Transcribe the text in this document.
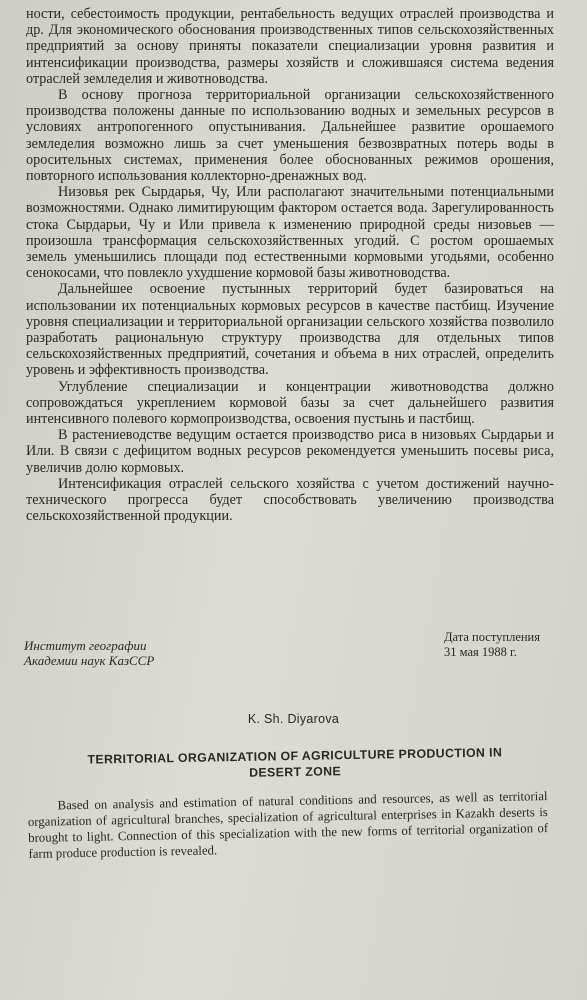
ности, себестоимость продукции, рентабельность ведущих отраслей производства и др. Для экономического обоснования производственных типов сельскохозяйственных предприятий за основу приняты показатели специализации уровня развития и интенсификации производства, размеры хозяйств и сложившаяся система ведения отраслей земледелия и животноводства.

В основу прогноза территориальной организации сельскохозяйственного производства положены данные по использованию водных и земельных ресурсов в условиях антропогенного опустынивания. Дальнейшее развитие орошаемого земледелия возможно лишь за счет уменьшения безвозвратных потерь воды в оросительных системах, применения более обоснованных режимов орошения, повторного использования коллекторно-дренажных вод.

Низовья рек Сырдарья, Чу, Или располагают значительными потенциальными возможностями. Однако лимитирующим фактором остается вода. Зарегулированность стока Сырдарьи, Чу и Или привела к изменению природной среды низовьев — произошла трансформация сельскохозяйственных угодий. С ростом орошаемых земель уменьшились площади под естественными кормовыми угодьями, особенно сенокосами, что повлекло ухудшение кормовой базы животноводства.

Дальнейшее освоение пустынных территорий будет базироваться на использовании их потенциальных кормовых ресурсов в качестве пастбищ. Изучение уровня специализации и территориальной организации сельского хозяйства позволило разработать рациональную структуру производства для отдельных типов сельскохозяйственных предприятий, сочетания и объема в них отраслей, определить уровень и эффективность производства.

Углубление специализации и концентрации животноводства должно сопровождаться укреплением кормовой базы за счет дальнейшего развития интенсивного полевого кормопроизводства, освоения пустынь и пастбищ.

В растениеводстве ведущим остается производство риса в низовьях Сырдарьи и Или. В связи с дефицитом водных ресурсов рекомендуется уменьшить посевы риса, увеличив долю кормовых.

Интенсификация отраслей сельского хозяйства с учетом достижений научно-технического прогресса будет способствовать увеличению производства сельскохозяйственной продукции.

Институт географии
Академии наук КазССР
Дата поступления
31 мая 1988 г.
K. Sh. Diyarova
TERRITORIAL ORGANIZATION OF AGRICULTURE PRODUCTION IN
DESERT ZONE

Based on analysis and estimation of natural conditions and resources, as well as territorial organization of agricultural branches, specialization of agricultural enterprises in Kazakh deserts is brought to light. Connection of this specialization with the new forms of territorial organization of farm produce production is revealed.
